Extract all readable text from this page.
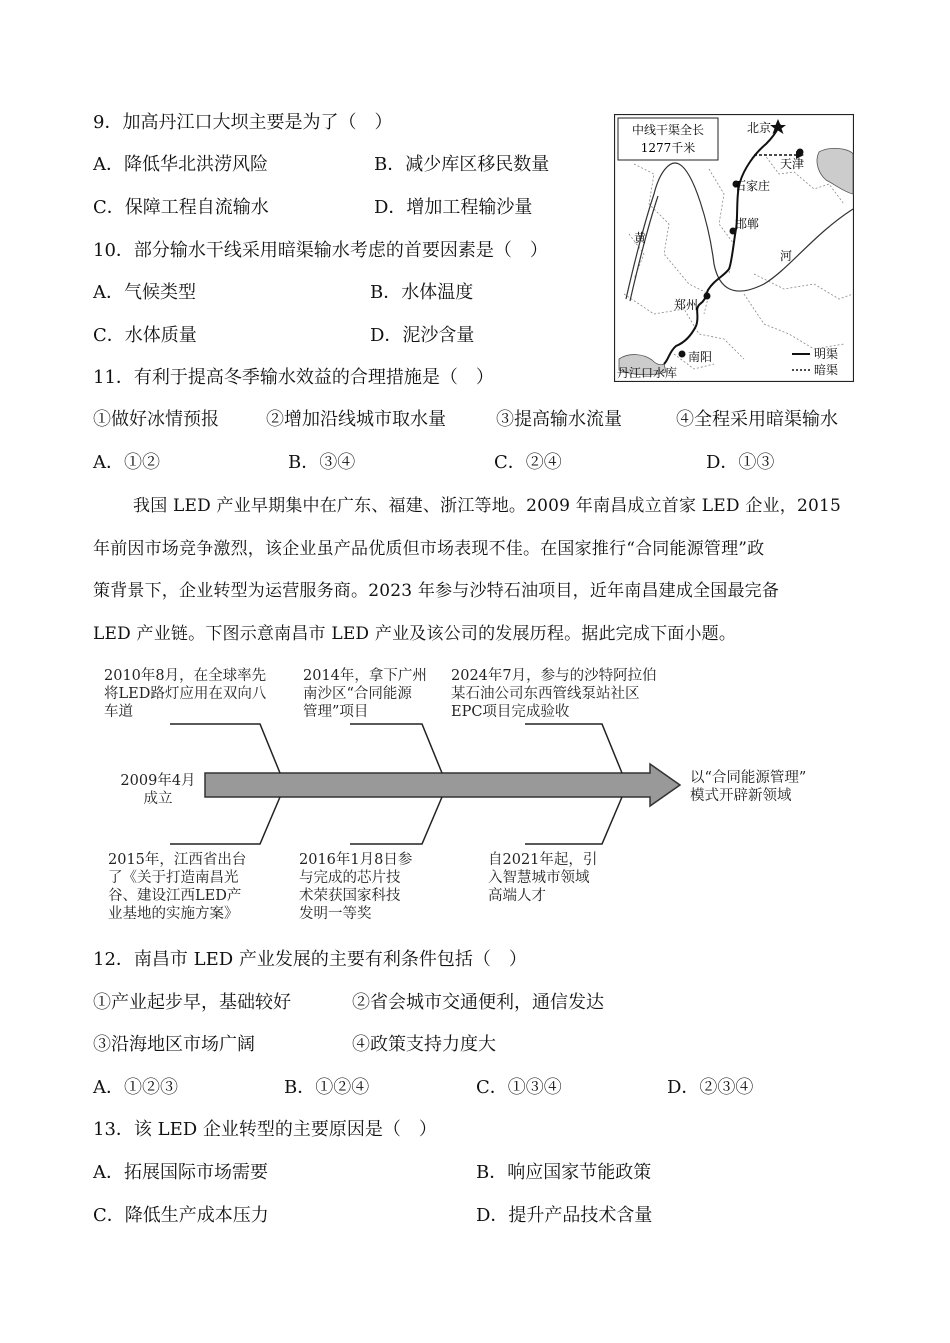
9．加高丹江口大坝主要是为了（　）
A．降低华北洪涝风险	B．减少库区移民数量
C．保障工程自流输水	D．增加工程输沙量
10．部分输水干线采用暗渠输水考虑的首要因素是（　）
A．气候类型	B．水体温度
C．水体质量	D．泥沙含量
11．有利于提高冬季输水效益的合理措施是（　）
①做好冰情预报	②增加沿线城市取水量	③提高输水流量	④全程采用暗渠输水
A．①②	B．③④	C．②④	D．①③
中线干渠全长
1277千米
北京
天津
石家庄
邯郸
郑州
南阳
丹江口水库
黄
河
明渠
暗渠
我国 LED 产业早期集中在广东、福建、浙江等地。2009 年南昌成立首家 LED 企业，2015
年前因市场竞争激烈，该企业虽产品优质但市场表现不佳。在国家推行“合同能源管理”政
策背景下，企业转型为运营服务商。2023 年参与沙特石油项目，近年南昌建成全国最完备
LED 产业链。下图示意南昌市 LED 产业及该公司的发展历程。据此完成下面小题。
2010年8月，在全球率先
将LED路灯应用在双向八
车道
2014年，拿下广州
南沙区“合同能源
管理”项目
2024年7月，参与的沙特阿拉伯
某石油公司东西管线泵站社区
EPC项目完成验收
2009年4月
成立
以“合同能源管理”
模式开辟新领域
2015年，江西省出台
了《关于打造南昌光
谷、建设江西LED产
业基地的实施方案》
2016年1月8日参
与完成的芯片技
术荣获国家科技
发明一等奖
自2021年起，引
入智慧城市领域
高端人才
12．南昌市 LED 产业发展的主要有利条件包括（　）
①产业起步早，基础较好	②省会城市交通便利，通信发达
③沿海地区市场广阔	④政策支持力度大
A．①②③	B．①②④	C．①③④	D．②③④
13．该 LED 企业转型的主要原因是（　）
A．拓展国际市场需要	B．响应国家节能政策
C．降低生产成本压力	D．提升产品技术含量
